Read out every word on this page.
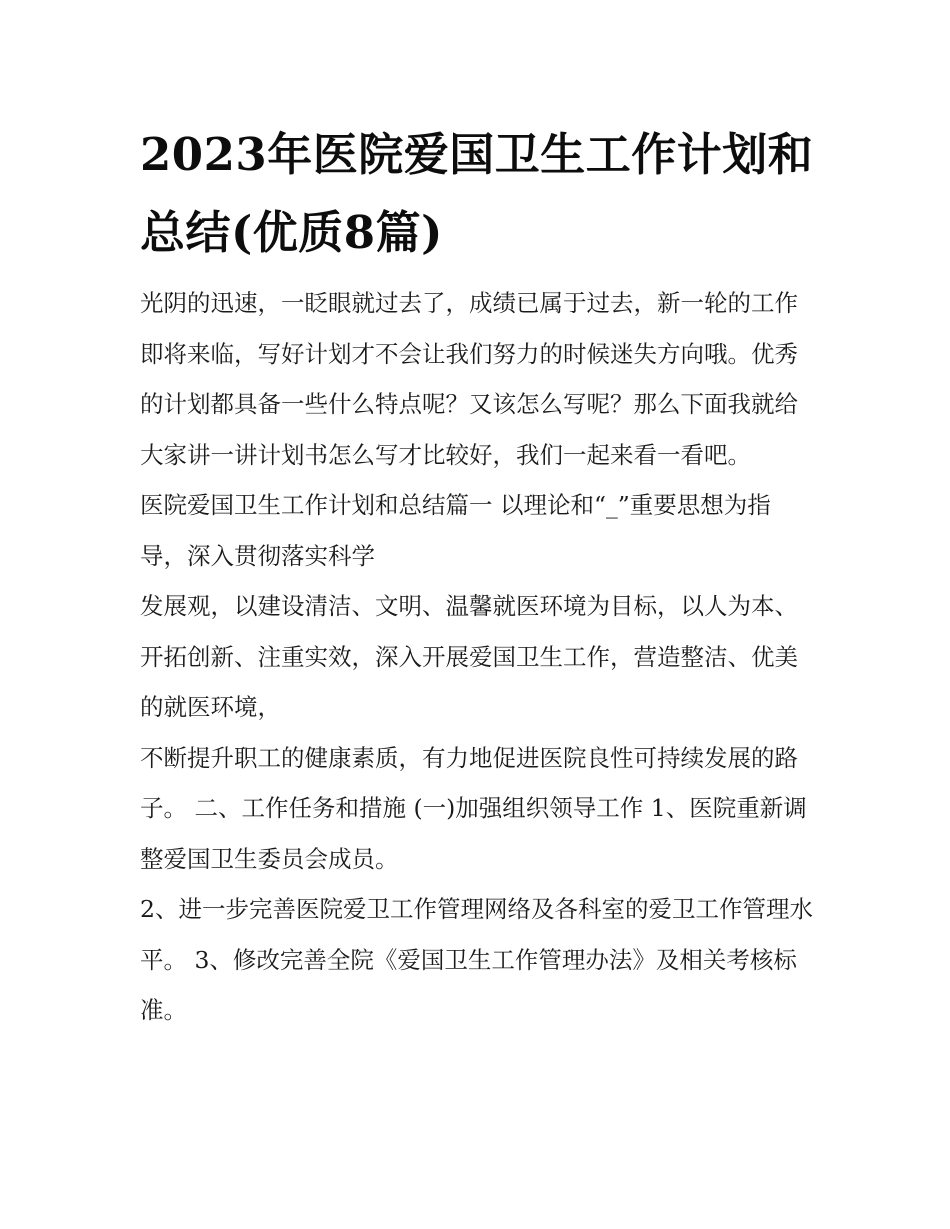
2023年医院爱国卫生工作计划和总结(优质8篇)

光阴的迅速，一眨眼就过去了，成绩已属于过去，新一轮的工作即将来临，写好计划才不会让我们努力的时候迷失方向哦。优秀的计划都具备一些什么特点呢？又该怎么写呢？那么下面我就给大家讲一讲计划书怎么写才比较好，我们一起来看一看吧。

医院爱国卫生工作计划和总结篇一 以理论和“_”重要思想为指导，深入贯彻落实科学

发展观，以建设清洁、文明、温馨就医环境为目标，以人为本、开拓创新、注重实效，深入开展爱国卫生工作，营造整洁、优美的就医环境，

不断提升职工的健康素质，有力地促进医院良性可持续发展的路子。 二、工作任务和措施 (一)加强组织领导工作 1、医院重新调整爱国卫生委员会成员。

2、进一步完善医院爱卫工作管理网络及各科室的爱卫工作管理水平。 3、修改完善全院《爱国卫生工作管理办法》及相关考核标准。
